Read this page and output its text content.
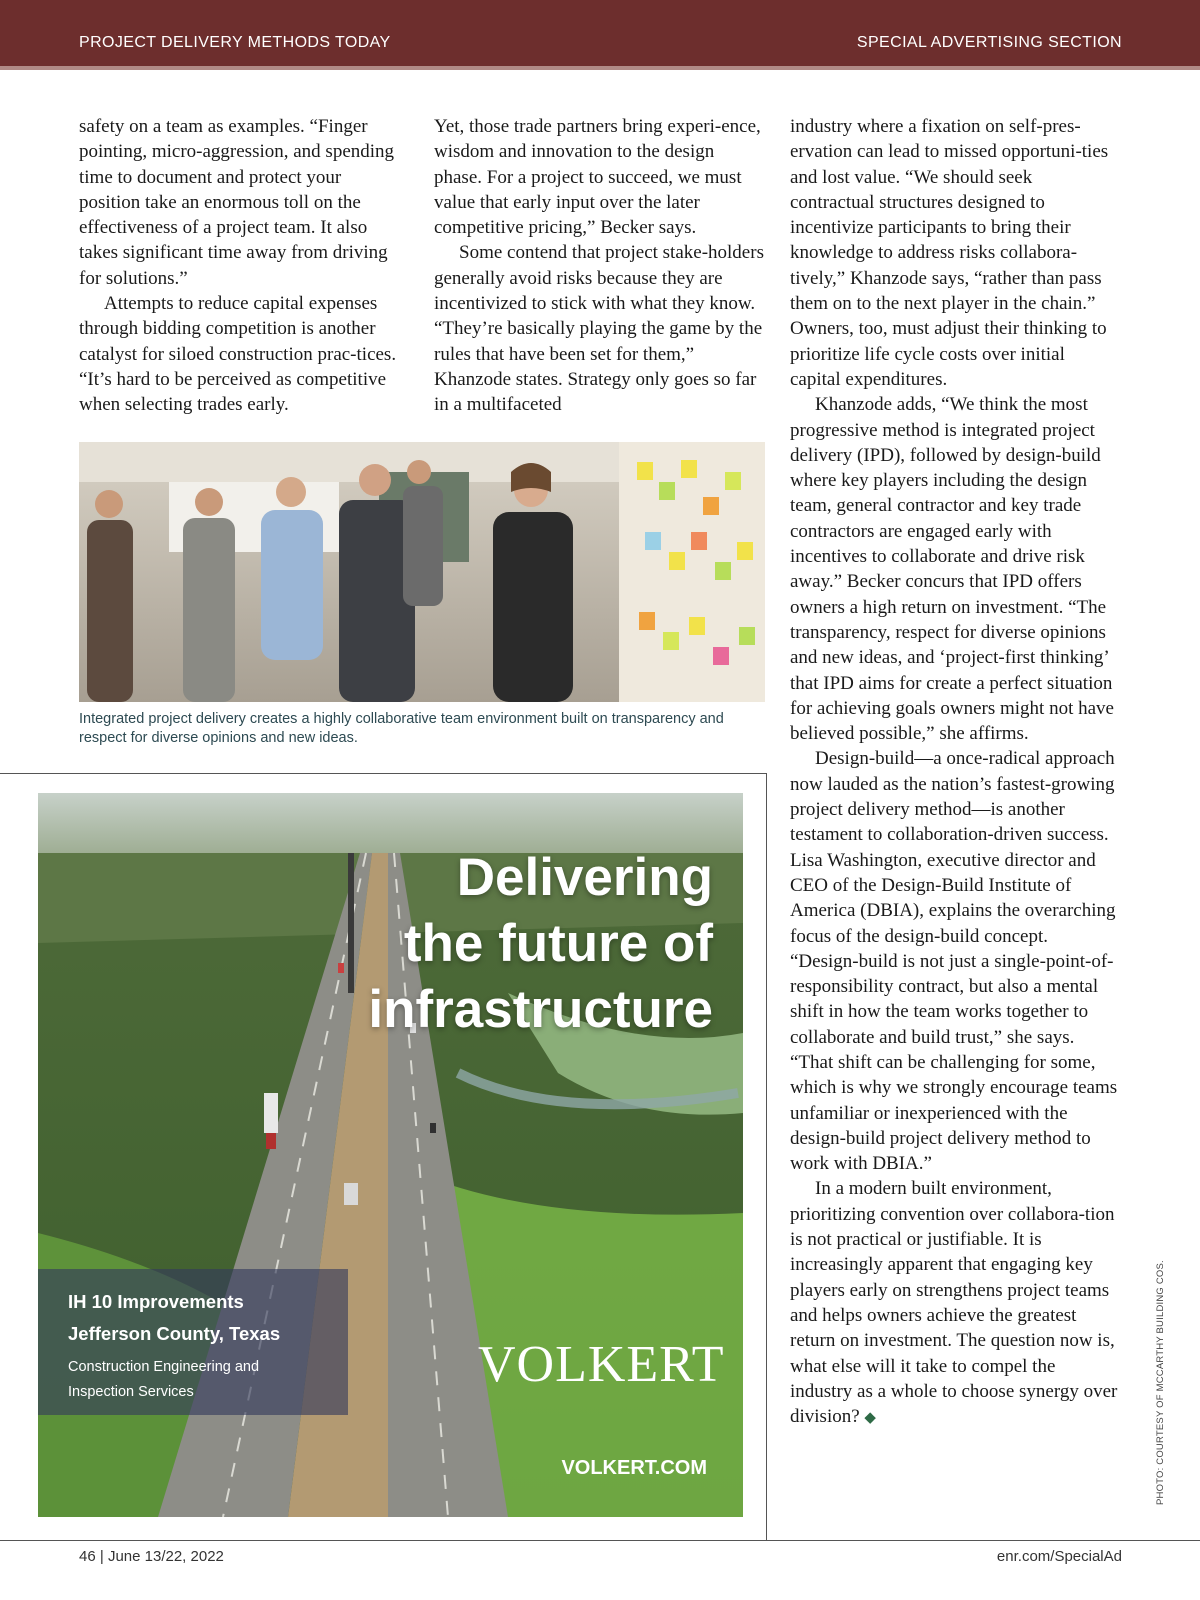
PROJECT DELIVERY METHODS TODAY	SPECIAL ADVERTISING SECTION

safety on a team as examples. “Finger pointing, micro-aggression, and spending time to document and protect your position take an enormous toll on the effectiveness of a project team. It also takes significant time away from driving for solutions.”

Attempts to reduce capital expenses through bidding competition is another catalyst for siloed construction prac-tices. “It’s hard to be perceived as competitive when selecting trades early.

Yet, those trade partners bring experi-ence, wisdom and innovation to the design phase. For a project to succeed, we must value that early input over the later competitive pricing,” Becker says.

Some contend that project stake-holders generally avoid risks because they are incentivized to stick with what they know. “They’re basically playing the game by the rules that have been set for them,” Khanzode states. Strategy only goes so far in a multifaceted

industry where a fixation on self-pres-ervation can lead to missed opportuni-ties and lost value. “We should seek contractual structures designed to incentivize participants to bring their knowledge to address risks collabora-tively,” Khanzode says, “rather than pass them on to the next player in the chain.” Owners, too, must adjust their thinking to prioritize life cycle costs over initial capital expenditures.

Khanzode adds, “We think the most progressive method is integrated project delivery (IPD), followed by design-build where key players including the design team, general contractor and key trade contractors are engaged early with incentives to collaborate and drive risk away.” Becker concurs that IPD offers owners a high return on investment. “The transparency, respect for diverse opinions and new ideas, and ‘project-first thinking’ that IPD aims for create a perfect situation for achieving goals owners might not have believed possible,” she affirms.

Design-build—a once-radical approach now lauded as the nation’s fastest-growing project delivery method—is another testament to collaboration-driven success. Lisa Washington, executive director and CEO of the Design-Build Institute of America (DBIA), explains the overarching focus of the design-build concept. “Design-build is not just a single-point-of-responsibility contract, but also a mental shift in how the team works together to collaborate and build trust,” she says. “That shift can be challenging for some, which is why we strongly encourage teams unfamiliar or inexperienced with the design-build project delivery method to work with DBIA.”

In a modern built environment, prioritizing convention over collabora-tion is not practical or justifiable. It is increasingly apparent that engaging key players early on strengthens project teams and helps owners achieve the greatest return on investment. The question now is, what else will it take to compel the industry as a whole to choose synergy over division? ◆

Integrated project delivery creates a highly collaborative team environment built on transparency and respect for diverse opinions and new ideas.
Delivering
the future of
infrastructure
IH 10 Improvements
Jefferson County, Texas
Construction Engineering and
Inspection Services	VOLKERT
VOLKERT.COM	PHOTO: COURTESY OF MCCARTHY BUILDING COS.
46 | June 13/22, 2022	enr.com/SpecialAd
